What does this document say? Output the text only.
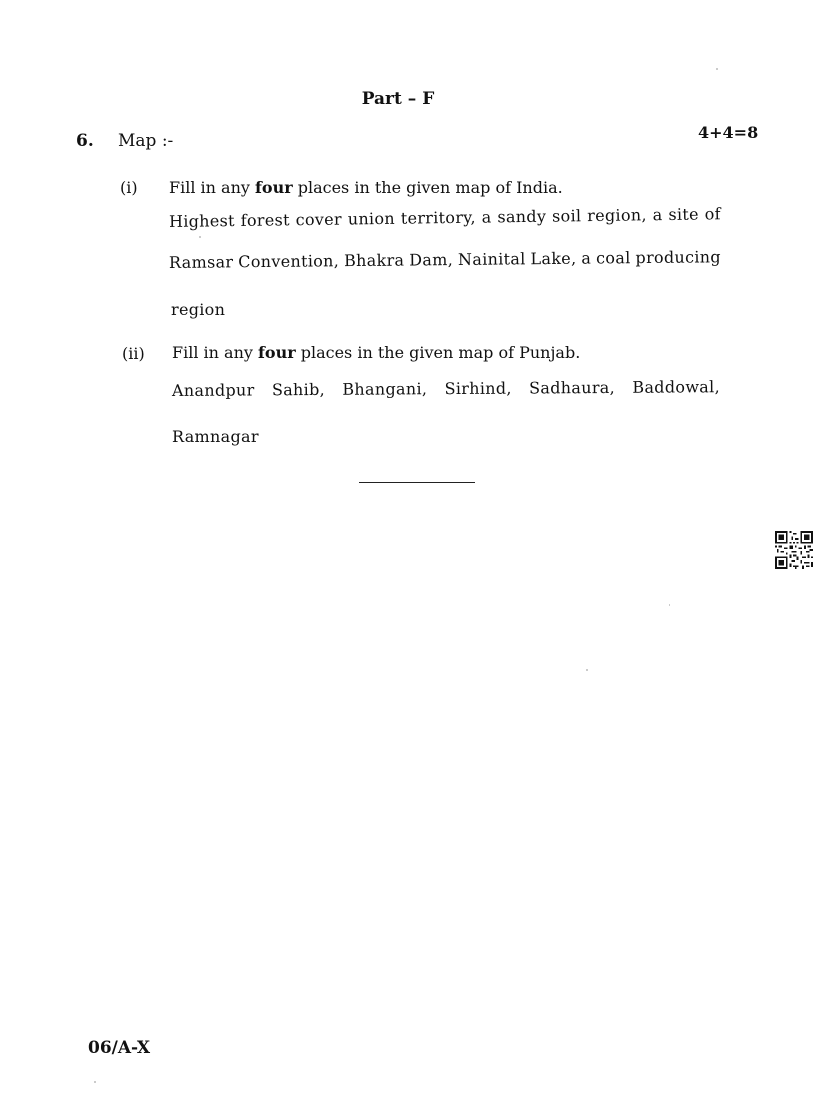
Part – F
6. Map :-	4+4=8
(i) Fill in any four places in the given map of India.
Highest forest cover union territory, a sandy soil region, a site of
Ramsar Convention, Bhakra Dam, Nainital Lake, a coal producing
region
(ii) Fill in any four places in the given map of Punjab.
Anandpur Sahib, Bhangani, Sirhind, Sadhaura, Baddowal,
Ramnagar
06/A-X
